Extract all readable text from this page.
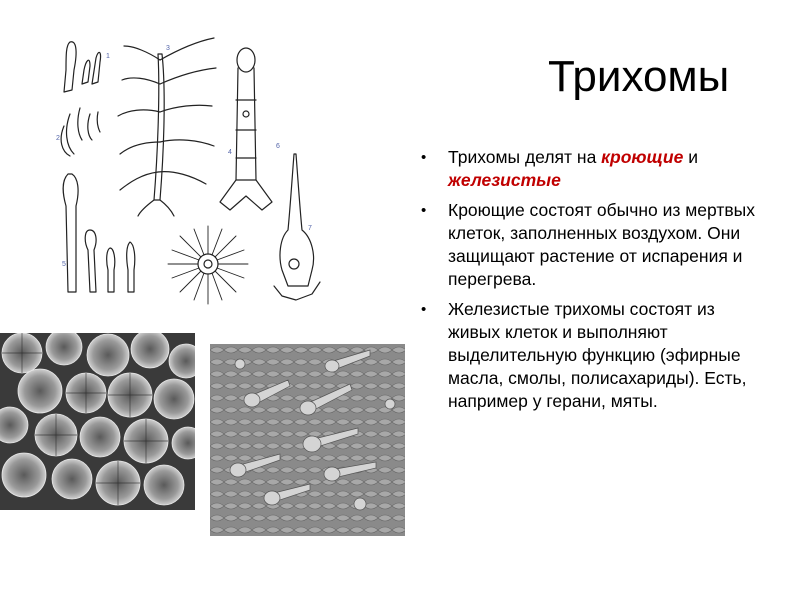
Трихомы
• Трихомы делят на кроющие и железистые
• Кроющие состоят обычно из мертвых клеток, заполненных воздухом. Они защищают растение от испарения и перегрева.
• Железистые трихомы состоят из живых клеток и выполняют выделительную функцию (эфирные масла, смолы, полисахариды). Есть, например у герани, мяты.
1
2
3
4
5
6
7
